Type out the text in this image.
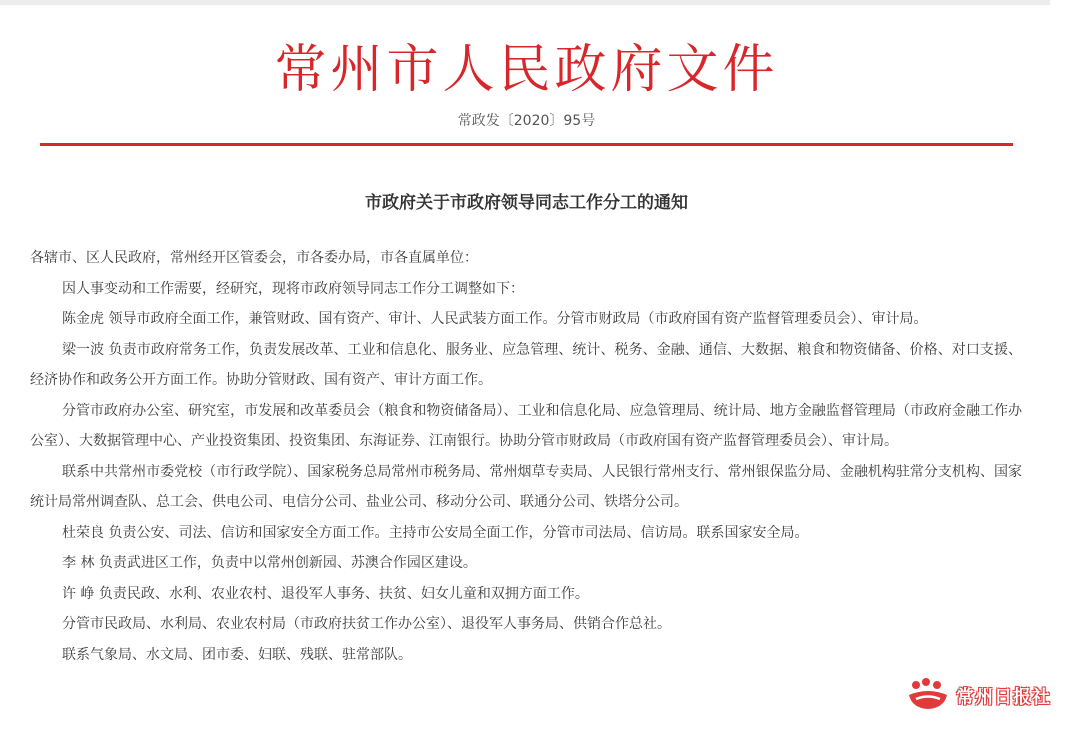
常州市人民政府文件
常政发〔2020〕95号
市政府关于市政府领导同志工作分工的通知

各辖市、区人民政府，常州经开区管委会，市各委办局，市各直属单位：

因人事变动和工作需要，经研究，现将市政府领导同志工作分工调整如下：

陈金虎 领导市政府全面工作，兼管财政、国有资产、审计、人民武装方面工作。分管市财政局（市政府国有资产监督管理委员会）、审计局。

梁一波 负责市政府常务工作，负责发展改革、工业和信息化、服务业、应急管理、统计、税务、金融、通信、大数据、粮食和物资储备、价格、对口支援、经济协作和政务公开方面工作。协助分管财政、国有资产、审计方面工作。

分管市政府办公室、研究室，市发展和改革委员会（粮食和物资储备局）、工业和信息化局、应急管理局、统计局、地方金融监督管理局（市政府金融工作办公室）、大数据管理中心、产业投资集团、投资集团、东海证券、江南银行。协助分管市财政局（市政府国有资产监督管理委员会）、审计局。

联系中共常州市委党校（市行政学院）、国家税务总局常州市税务局、常州烟草专卖局、人民银行常州支行、常州银保监分局、金融机构驻常分支机构、国家统计局常州调查队、总工会、供电公司、电信分公司、盐业公司、移动分公司、联通分公司、铁塔分公司。

杜荣良 负责公安、司法、信访和国家安全方面工作。主持市公安局全面工作，分管市司法局、信访局。联系国家安全局。

李 林 负责武进区工作，负责中以常州创新园、苏澳合作园区建设。

许 峥 负责民政、水利、农业农村、退役军人事务、扶贫、妇女儿童和双拥方面工作。

分管市民政局、水利局、农业农村局（市政府扶贫工作办公室）、退役军人事务局、供销合作总社。

联系气象局、水文局、团市委、妇联、残联、驻常部队。

常州日报社
